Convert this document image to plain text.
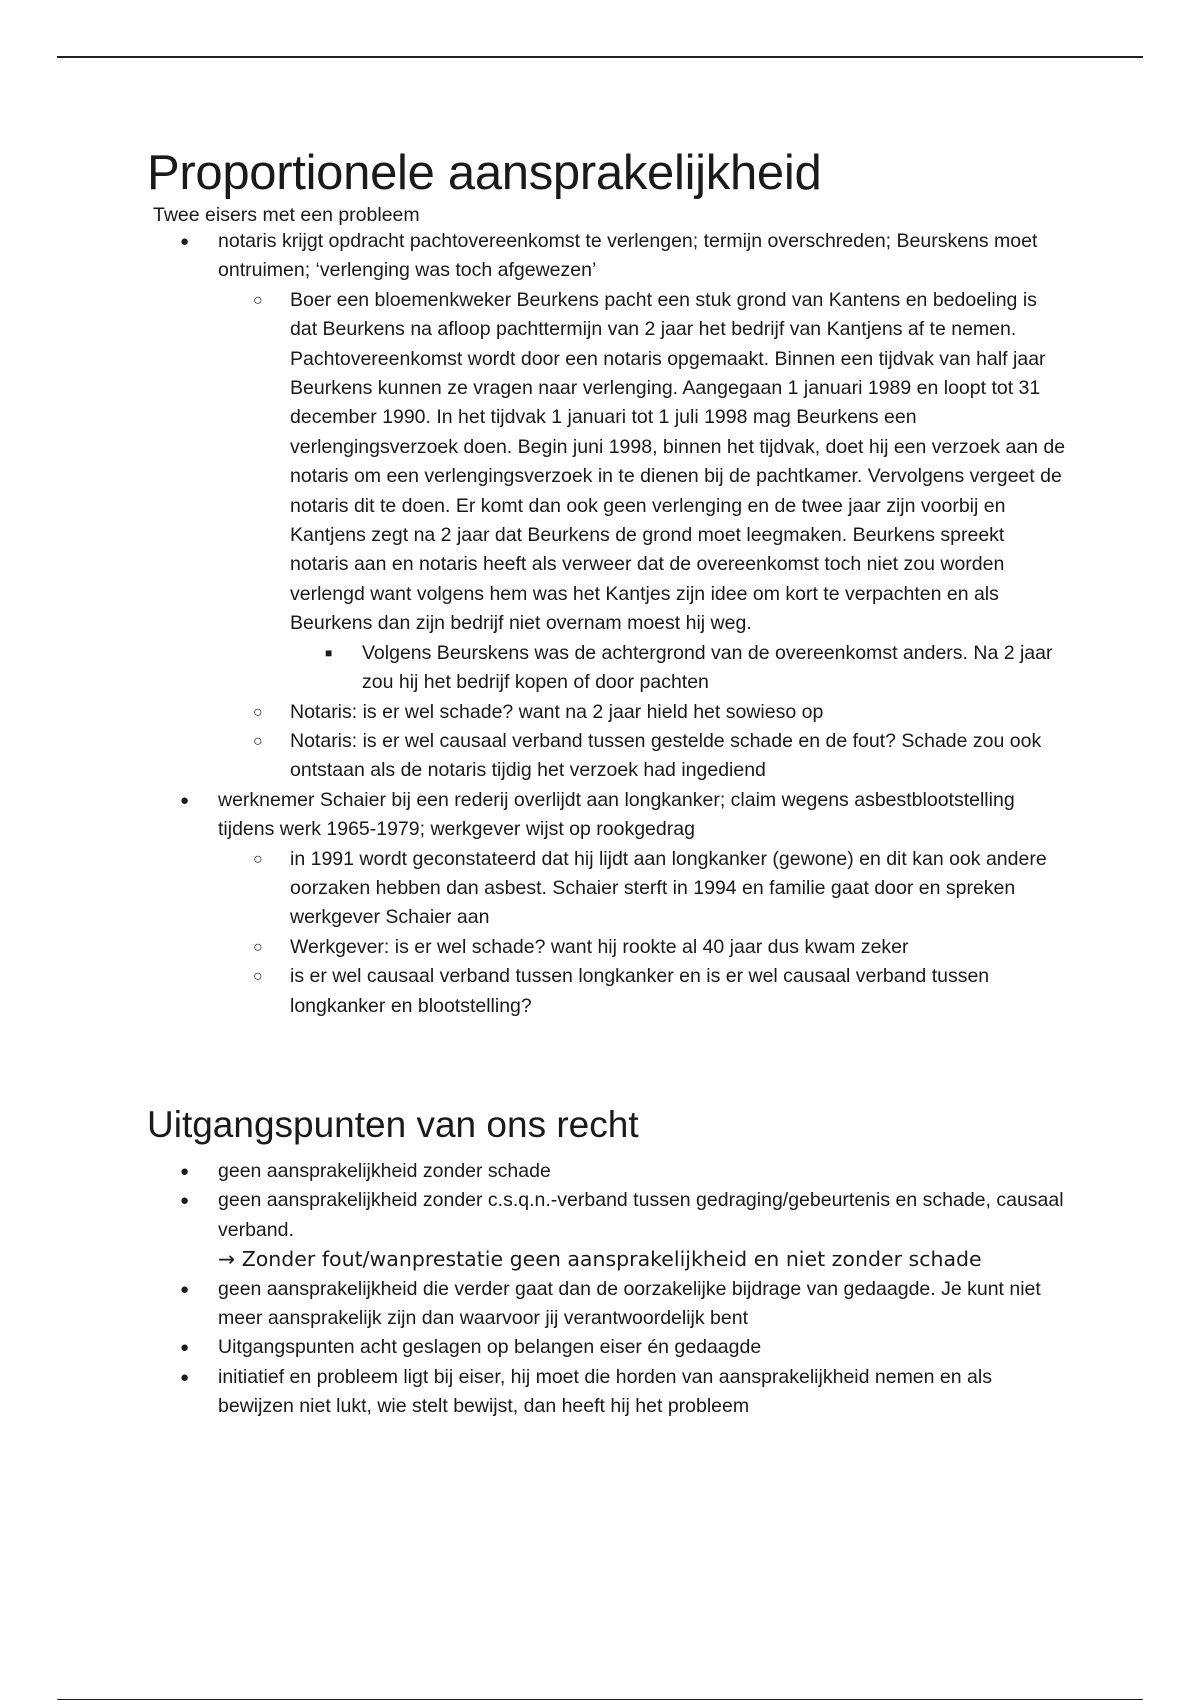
Proportionele aansprakelijkheid

Twee eisers met een probleem

● notaris krijgt opdracht pachtovereenkomst te verlengen; termijn overschreden; Beurskens moet ontruimen; ‘verlenging was toch afgewezen’
○ Boer een bloemenkweker Beurkens pacht een stuk grond van Kantens en bedoeling is dat Beurkens na afloop pachttermijn van 2 jaar het bedrijf van Kantjens af te nemen. Pachtovereenkomst wordt door een notaris opgemaakt. Binnen een tijdvak van half jaar Beurkens kunnen ze vragen naar verlenging. Aangegaan 1 januari 1989 en loopt tot 31 december 1990. In het tijdvak 1 januari tot 1 juli 1998 mag Beurkens een verlengingsverzoek doen. Begin juni 1998, binnen het tijdvak, doet hij een verzoek aan de notaris om een verlengingsverzoek in te dienen bij de pachtkamer. Vervolgens vergeet de notaris dit te doen. Er komt dan ook geen verlenging en de twee jaar zijn voorbij en Kantjens zegt na 2 jaar dat Beurkens de grond moet leegmaken. Beurkens spreekt notaris aan en notaris heeft als verweer dat de overeenkomst toch niet zou worden verlengd want volgens hem was het Kantjes zijn idee om kort te verpachten en als Beurkens dan zijn bedrijf niet overnam moest hij weg.
■ Volgens Beurskens was de achtergrond van de overeenkomst anders. Na 2 jaar zou hij het bedrijf kopen of door pachten
○ Notaris: is er wel schade? want na 2 jaar hield het sowieso op
○ Notaris: is er wel causaal verband tussen gestelde schade en de fout? Schade zou ook ontstaan als de notaris tijdig het verzoek had ingediend
● werknemer Schaier bij een rederij overlijdt aan longkanker; claim wegens asbestblootstelling tijdens werk 1965-1979; werkgever wijst op rookgedrag
○ in 1991 wordt geconstateerd dat hij lijdt aan longkanker (gewone) en dit kan ook andere oorzaken hebben dan asbest. Schaier sterft in 1994 en familie gaat door en spreken werkgever Schaier aan
○ Werkgever: is er wel schade? want hij rookte al 40 jaar dus kwam zeker
○ is er wel causaal verband tussen longkanker en is er wel causaal verband tussen longkanker en blootstelling?
Uitgangspunten van ons recht
● geen aansprakelijkheid zonder schade
● geen aansprakelijkheid zonder c.s.q.n.-verband tussen gedraging/gebeurtenis en schade, causaal verband.
→ Zonder fout/wanprestatie geen aansprakelijkheid en niet zonder schade
● geen aansprakelijkheid die verder gaat dan de oorzakelijke bijdrage van gedaagde. Je kunt niet meer aansprakelijk zijn dan waarvoor jij verantwoordelijk bent
● Uitgangspunten acht geslagen op belangen eiser én gedaagde
● initiatief en probleem ligt bij eiser, hij moet die horden van aansprakelijkheid nemen en als bewijzen niet lukt, wie stelt bewijst, dan heeft hij het probleem
